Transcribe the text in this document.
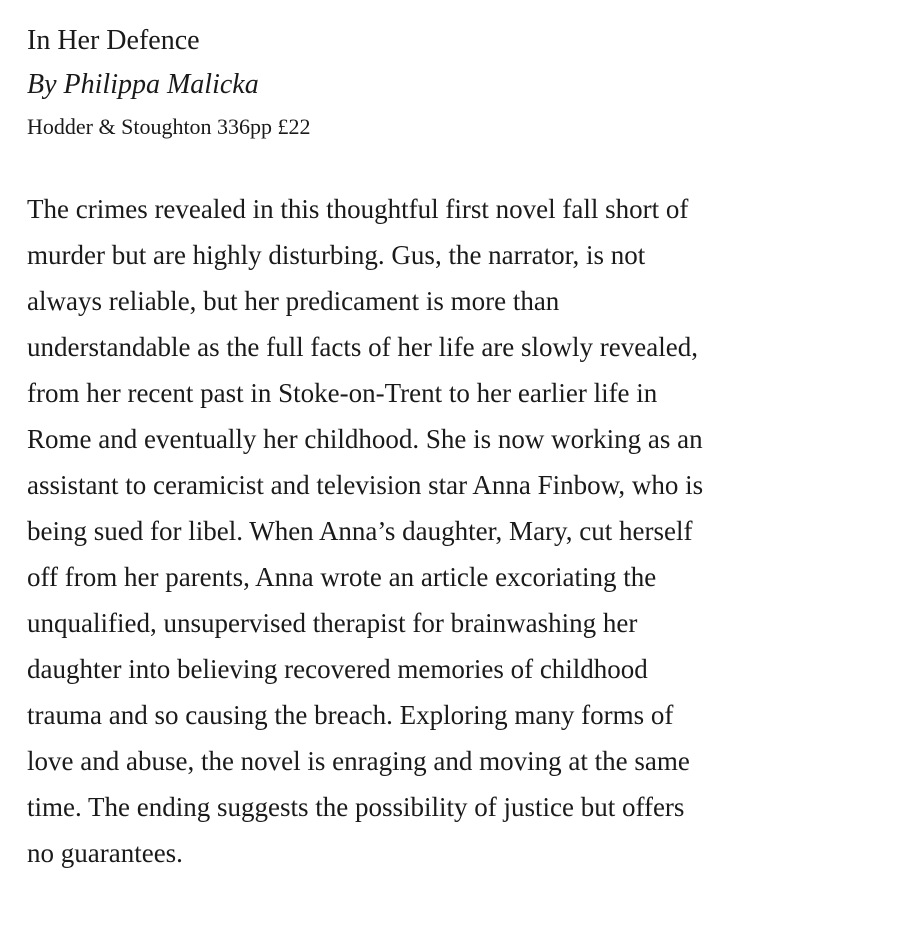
In Her Defence
By Philippa Malicka

Hodder & Stoughton 336pp £22

The crimes revealed in this thoughtful first novel fall short of
murder but are highly disturbing. Gus, the narrator, is not
always reliable, but her predicament is more than
understandable as the full facts of her life are slowly revealed,
from her recent past in Stoke-on-Trent to her earlier life in
Rome and eventually her childhood. She is now working as an
assistant to ceramicist and television star Anna Finbow, who is
being sued for libel. When Anna’s daughter, Mary, cut herself
off from her parents, Anna wrote an article excoriating the
unqualified, unsupervised therapist for brainwashing her
daughter into believing recovered memories of childhood
trauma and so causing the breach. Exploring many forms of
love and abuse, the novel is enraging and moving at the same
time. The ending suggests the possibility of justice but offers
no guarantees.
